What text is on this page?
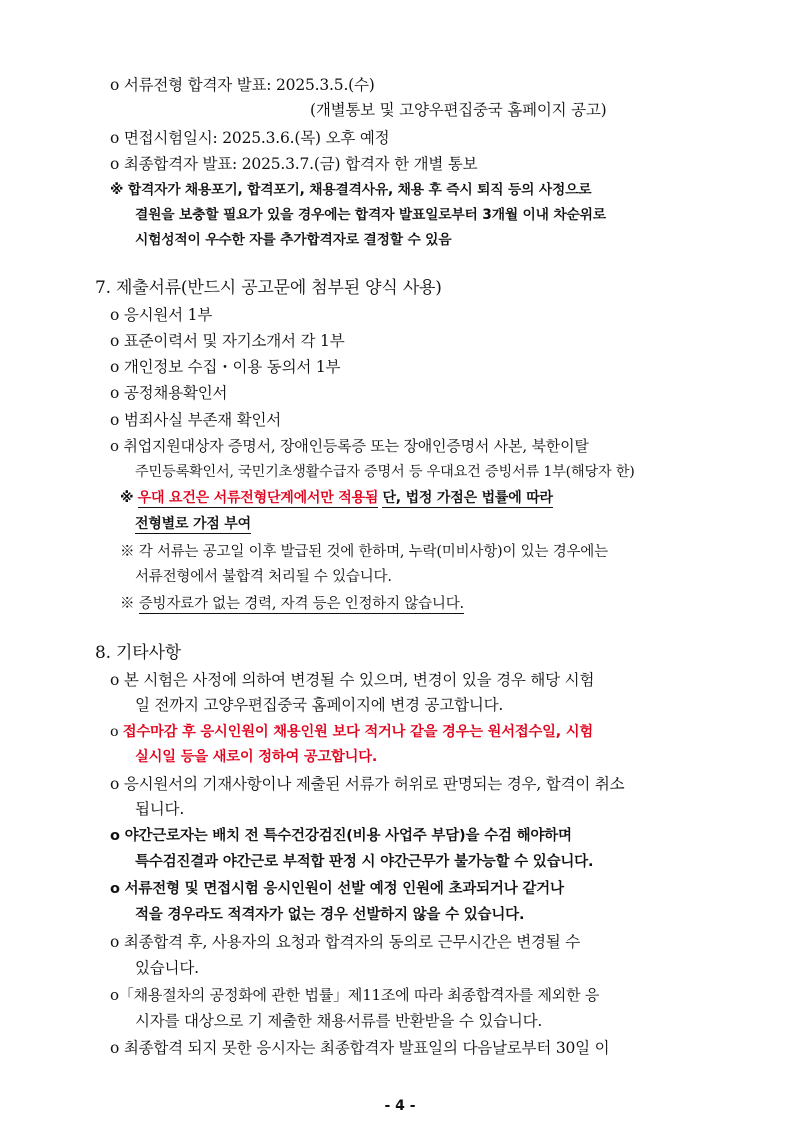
o 서류전형 합격자 발표: 2025.3.5.(수)
(개별통보 및 고양우편집중국 홈페이지 공고)
o 면접시험일시: 2025.3.6.(목) 오후 예정
o 최종합격자 발표: 2025.3.7.(금) 합격자 한 개별 통보
※ 합격자가 채용포기, 합격포기, 채용결격사유, 채용 후 즉시 퇴직 등의 사정으로
결원을 보충할 필요가 있을 경우에는 합격자 발표일로부터 3개월 이내 차순위로
시험성적이 우수한 자를 추가합격자로 결정할 수 있음
7. 제출서류(반드시 공고문에 첨부된 양식 사용)
o 응시원서 1부
o 표준이력서 및 자기소개서 각 1부
o 개인정보 수집・이용 동의서 1부
o 공정채용확인서
o 범죄사실 부존재 확인서
o 취업지원대상자 증명서, 장애인등록증 또는 장애인증명서 사본, 북한이탈
주민등록확인서, 국민기초생활수급자 증명서 등 우대요건 증빙서류 1부(해당자 한)
※ 우대 요건은 서류전형단계에서만 적용됨 단, 법정 가점은 법률에 따라
전형별로 가점 부여
※ 각 서류는 공고일 이후 발급된 것에 한하며, 누락(미비사항)이 있는 경우에는
서류전형에서 불합격 처리될 수 있습니다.
※ 증빙자료가 없는 경력, 자격 등은 인정하지 않습니다.
8. 기타사항
o 본 시험은 사정에 의하여 변경될 수 있으며, 변경이 있을 경우 해당 시험
일 전까지 고양우편집중국 홈페이지에 변경 공고합니다.
o 접수마감 후 응시인원이 채용인원 보다 적거나 같을 경우는 원서접수일, 시험
실시일 등을 새로이 정하여 공고합니다.
o 응시원서의 기재사항이나 제출된 서류가 허위로 판명되는 경우, 합격이 취소
됩니다.
o 야간근로자는 배치 전 특수건강검진(비용 사업주 부담)을 수검 해야하며
특수검진결과 야간근로 부적합 판정 시 야간근무가 불가능할 수 있습니다.
o 서류전형 및 면접시험 응시인원이 선발 예정 인원에 초과되거나 같거나
적을 경우라도 적격자가 없는 경우 선발하지 않을 수 있습니다.
o 최종합격 후, 사용자의 요청과 합격자의 동의로 근무시간은 변경될 수
있습니다.
o「채용절차의 공정화에 관한 법률」제11조에 따라 최종합격자를 제외한 응
시자를 대상으로 기 제출한 채용서류를 반환받을 수 있습니다.
o 최종합격 되지 못한 응시자는 최종합격자 발표일의 다음날로부터 30일 이
- 4 -
